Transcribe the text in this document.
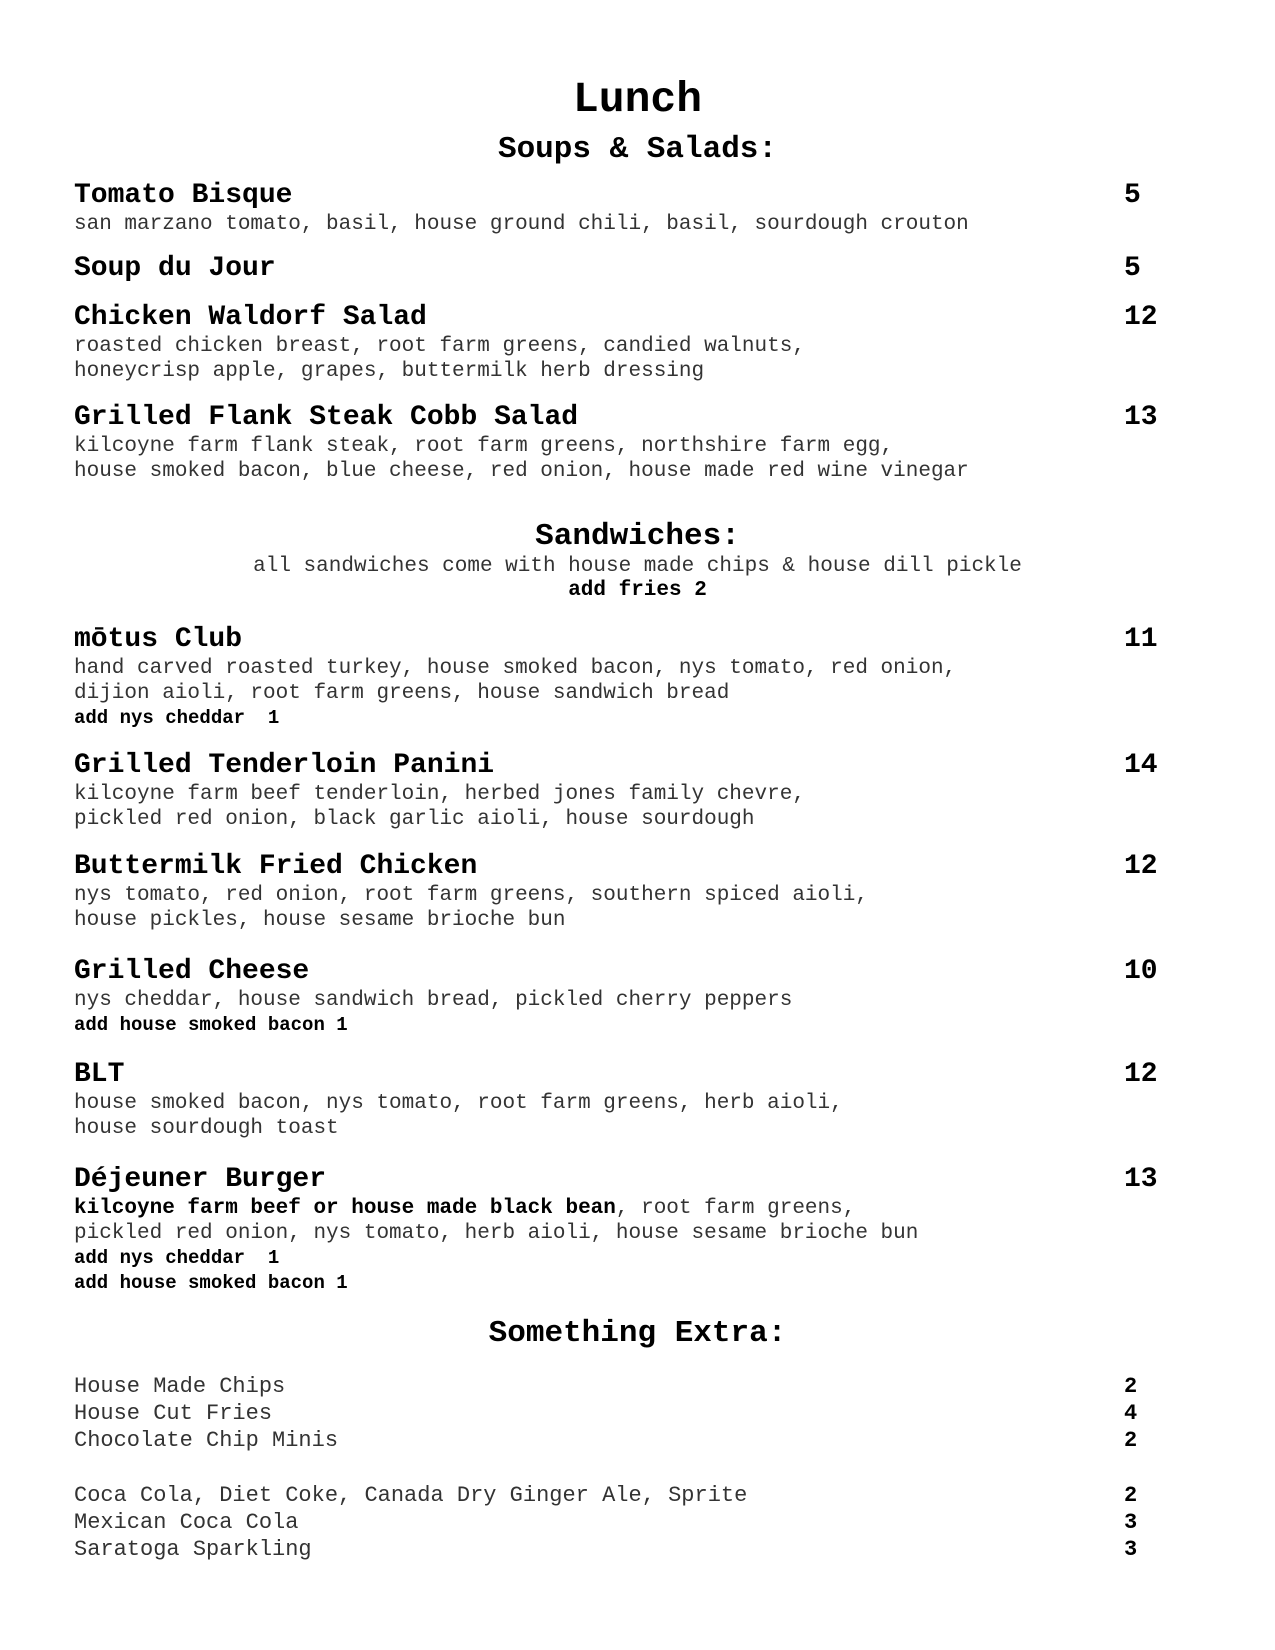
Lunch
Soups & Salads:
Tomato Bisque	5
san marzano tomato, basil, house ground chili, basil, sourdough crouton
Soup du Jour	5
Chicken Waldorf Salad	12
roasted chicken breast, root farm greens, candied walnuts,
honeycrisp apple, grapes, buttermilk herb dressing
Grilled Flank Steak Cobb Salad	13
kilcoyne farm flank steak, root farm greens, northshire farm egg,
house smoked bacon, blue cheese, red onion, house made red wine vinegar
Sandwiches:
all sandwiches come with house made chips & house dill pickle
add fries 2
mōtus Club	11
hand carved roasted turkey, house smoked bacon, nys tomato, red onion,
dijion aioli, root farm greens, house sandwich bread
add nys cheddar  1
Grilled Tenderloin Panini	14
kilcoyne farm beef tenderloin, herbed jones family chevre,
pickled red onion, black garlic aioli, house sourdough
Buttermilk Fried Chicken	12
nys tomato, red onion, root farm greens, southern spiced aioli,
house pickles, house sesame brioche bun
Grilled Cheese	10
nys cheddar, house sandwich bread, pickled cherry peppers
add house smoked bacon 1
BLT	12
house smoked bacon, nys tomato, root farm greens, herb aioli,
house sourdough toast
Déjeuner Burger	13
kilcoyne farm beef or house made black bean, root farm greens,
pickled red onion, nys tomato, herb aioli, house sesame brioche bun
add nys cheddar  1
add house smoked bacon 1
Something Extra:
House Made Chips	2
House Cut Fries	4
Chocolate Chip Minis	2
Coca Cola, Diet Coke, Canada Dry Ginger Ale, Sprite	2
Mexican Coca Cola	3
Saratoga Sparkling	3
